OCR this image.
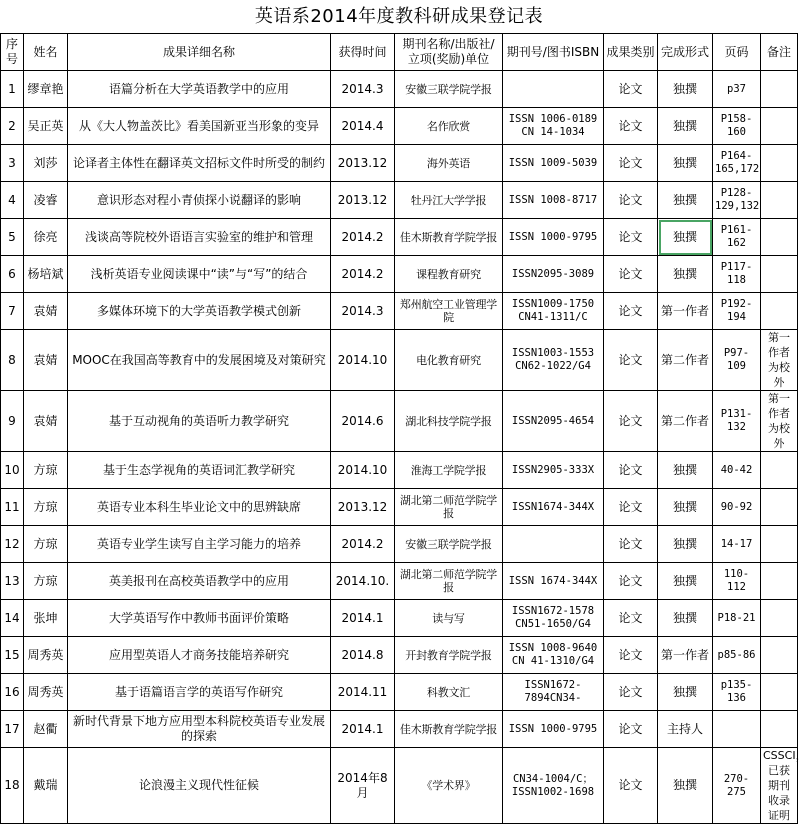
英语系2014年度教科研成果登记表
序号	姓名	成果详细名称	获得时间	期刊名称/出版社/立项(奖励)单位	期刊号/图书ISBN	成果类别	完成形式	页码	备注
1	缪章艳	语篇分析在大学英语教学中的应用	2014.3	安徽三联学院学报		论文	独撰	p37	
2	吴正英	从《大人物盖茨比》看美国新亚当形象的变异	2014.4	名作欣赏	ISSN 1006-0189 CN 14-1034	论文	独撰	P158-160	
3	刘莎	论译者主体性在翻译英文招标文件时所受的制约	2013.12	海外英语	ISSN 1009-5039	论文	独撰	P164-165,172	
4	凌睿	意识形态对程小青侦探小说翻译的影响	2013.12	牡丹江大学学报	ISSN 1008-8717	论文	独撰	P128-129,132	
5	徐亮	浅谈高等院校外语语言实验室的维护和管理	2014.2	佳木斯教育学院学报	ISSN 1000-9795	论文	独撰	P161-162	
6	杨培斌	浅析英语专业阅读课中“读”与“写”的结合	2014.2	课程教育研究	ISSN2095-3089	论文	独撰	P117-118	
7	袁婧	多媒体环境下的大学英语教学模式创新	2014.3	郑州航空工业管理学院	ISSN1009-1750 CN41-1311/C	论文	第一作者	P192-194	
8	袁婧	MOOC在我国高等教育中的发展困境及对策研究	2014.10	电化教育研究	ISSN1003-1553 CN62-1022/G4	论文	第二作者	P97-109	第一作者为校外
9	袁婧	基于互动视角的英语听力教学研究	2014.6	湖北科技学院学报	ISSN2095-4654	论文	第二作者	P131-132	第一作者为校外
10	方琼	基于生态学视角的英语词汇教学研究	2014.10	淮海工学院学报	ISSN2905-333X	论文	独撰	40-42	
11	方琼	英语专业本科生毕业论文中的思辨缺席	2013.12	湖北第二师范学院学报	ISSN1674-344X	论文	独撰	90-92	
12	方琼	英语专业学生读写自主学习能力的培养	2014.2	安徽三联学院学报		论文	独撰	14-17	
13	方琼	英美报刊在高校英语教学中的应用	2014.10.	湖北第二师范学院学报	ISSN 1674-344X	论文	独撰	110-112	
14	张坤	大学英语写作中教师书面评价策略	2014.1	读与写	ISSN1672-1578 CN51-1650/G4	论文	独撰	P18-21	
15	周秀英	应用型英语人才商务技能培养研究	2014.8	开封教育学院学报	ISSN 1008-9640 CN 41-1310/G4	论文	第一作者	p85-86	
16	周秀英	基于语篇语言学的英语写作研究	2014.11	科教文汇	ISSN1672-7894CN34-	论文	独撰	p135-136	
17	赵衢	新时代背景下地方应用型本科院校英语专业发展的探索	2014.1	佳木斯教育学院学报	ISSN 1000-9795	论文	主持人		
18	戴瑞	论浪漫主义现代性征候	2014年8月	《学术界》	CN34-1004/C；ISSN1002-1698	论文	独撰	270-275	CSSCI，已获期刊收录证明
